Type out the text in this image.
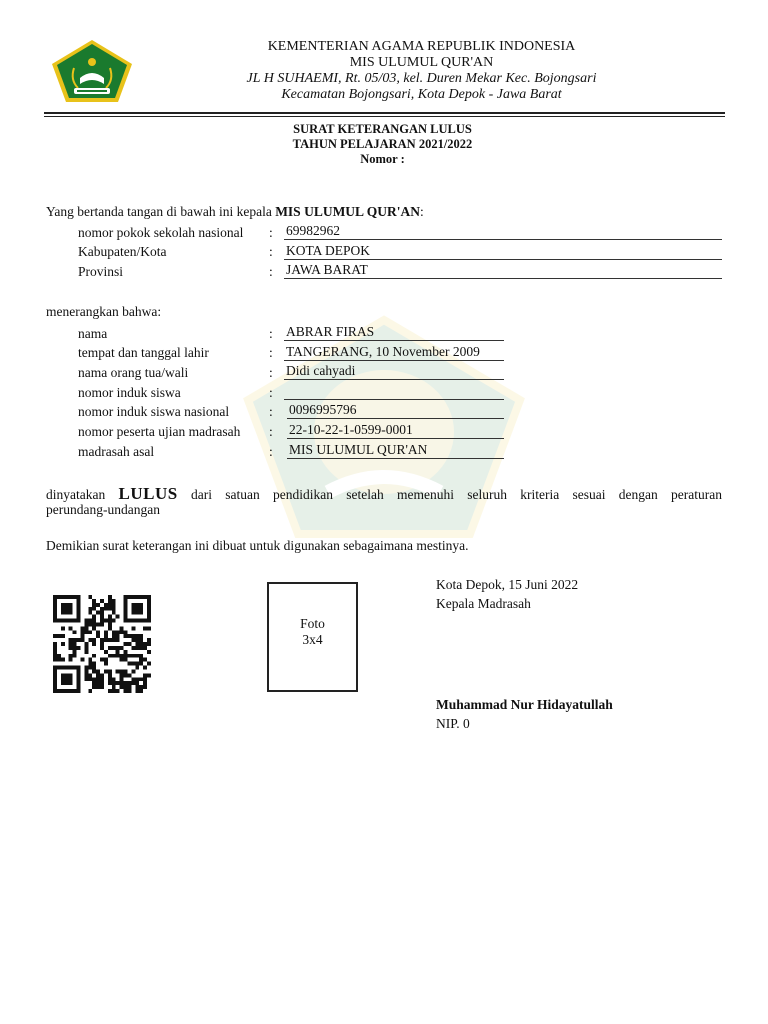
KEMENTERIAN AGAMA REPUBLIK INDONESIA
MIS ULUMUL QUR'AN
JL H SUHAEMI, Rt. 05/03, kel. Duren Mekar Kec. Bojongsari
Kecamatan Bojongsari, Kota Depok - Jawa Barat
SURAT KETERANGAN LULUS
TAHUN PELAJARAN 2021/2022
Nomor :
Yang bertanda tangan di bawah ini kepala MIS ULUMUL QUR'AN:
nomor pokok sekolah nasional : 69982962
Kabupaten/Kota	: KOTA DEPOK
Provinsi	: JAWA BARAT
menerangkan bahwa:
nama	: ABRAR FIRAS
tempat dan tanggal lahir	: TANGERANG, 10 November 2009
nama orang tua/wali	: Didi cahyadi
nomor induk siswa	:
nomor induk siswa nasional	: 0096995796
nomor peserta ujian madrasah : 22-10-22-1-0599-0001
madrasah asal	: MIS ULUMUL QUR'AN
dinyatakan LULUS dari satuan pendidikan setelah memenuhi seluruh kriteria sesuai dengan peraturan
perundang-undangan
Demikian surat keterangan ini dibuat untuk digunakan sebagaimana mestinya.
Foto
3x4
Kota Depok, 15 Juni 2022
Kepala Madrasah
Muhammad Nur Hidayatullah
NIP. 0
